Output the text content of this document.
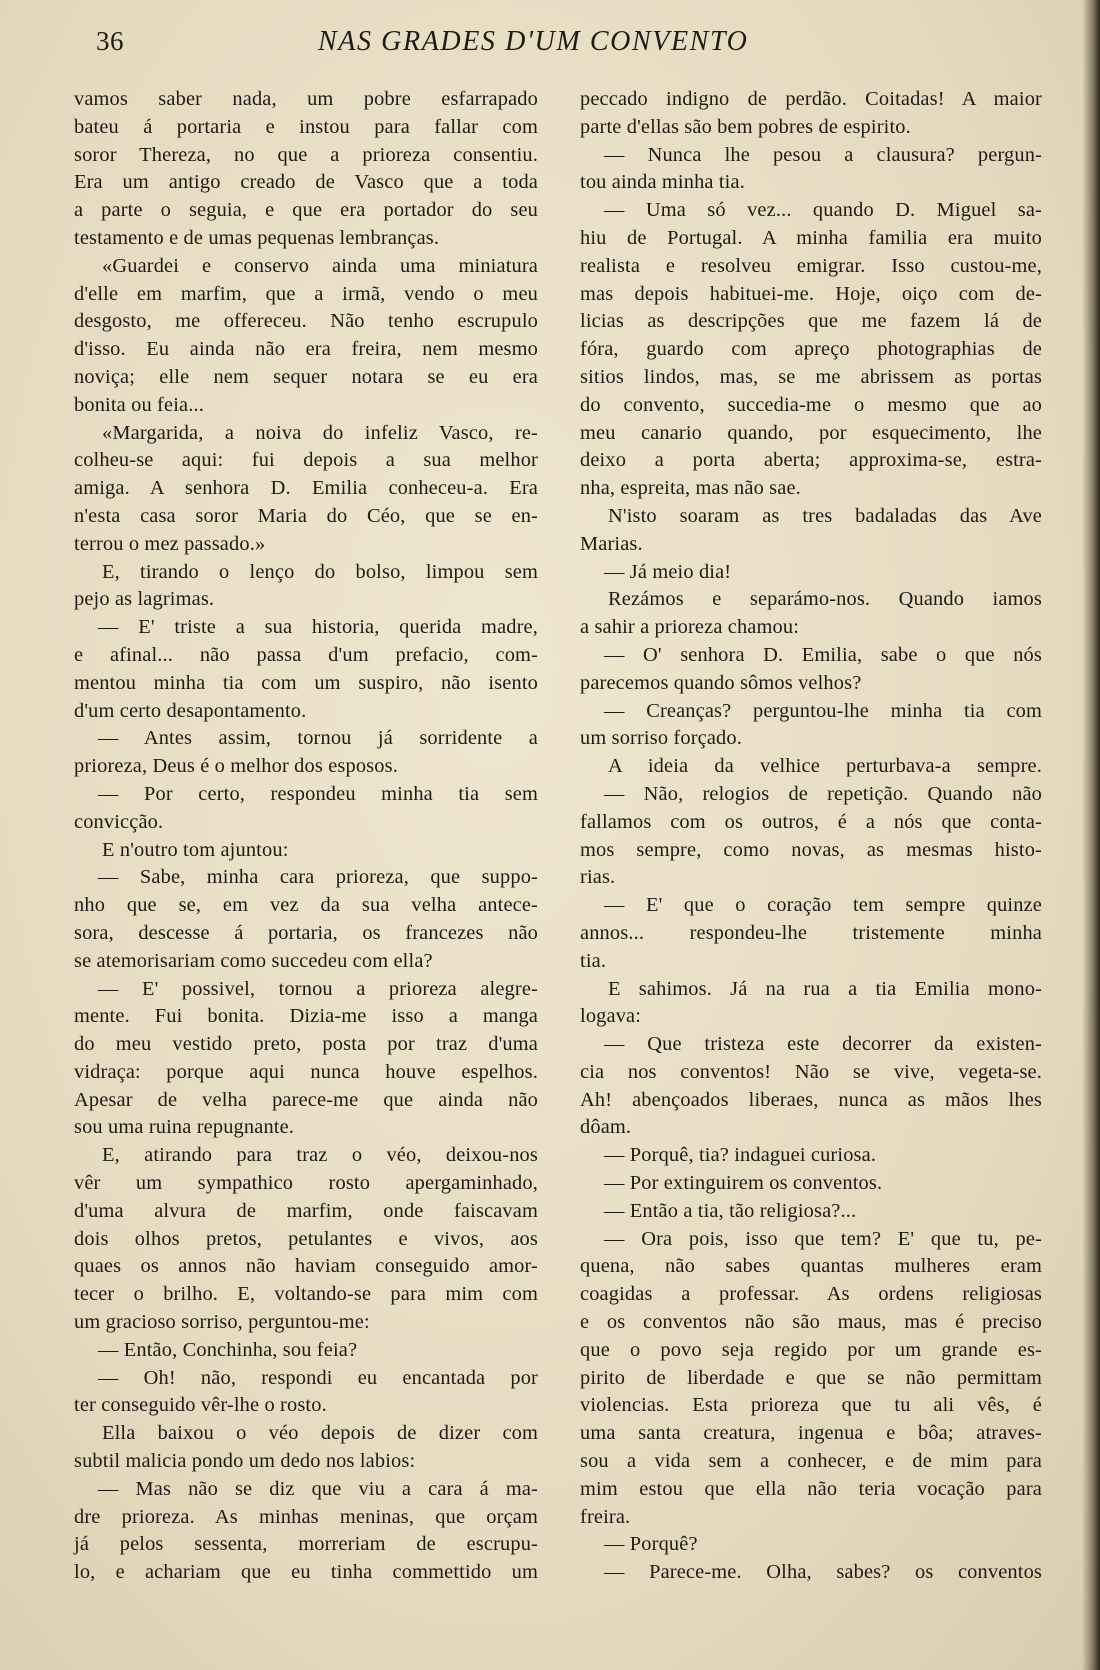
36	NAS GRADES D'UM CONVENTO
vamos saber nada, um pobre esfarrapado
bateu á portaria e instou para fallar com
soror Thereza, no que a prioreza consentiu.
Era um antigo creado de Vasco que a toda
a parte o seguia, e que era portador do seu
testamento e de umas pequenas lembranças.
«Guardei e conservo ainda uma miniatura
d'elle em marfim, que a irmã, vendo o meu
desgosto, me offereceu. Não tenho escrupulo
d'isso. Eu ainda não era freira, nem mesmo
noviça; elle nem sequer notara se eu era
bonita ou feia...
«Margarida, a noiva do infeliz Vasco, re-
colheu-se aqui: fui depois a sua melhor
amiga. A senhora D. Emilia conheceu-a. Era
n'esta casa soror Maria do Céo, que se en-
terrou o mez passado.»
E, tirando o lenço do bolso, limpou sem
pejo as lagrimas.
— E' triste a sua historia, querida madre,
e afinal... não passa d'um prefacio, com-
mentou minha tia com um suspiro, não isento
d'um certo desapontamento.
— Antes assim, tornou já sorridente a
prioreza, Deus é o melhor dos esposos.
— Por certo, respondeu minha tia sem
convicção.
E n'outro tom ajuntou:
— Sabe, minha cara prioreza, que suppo-
nho que se, em vez da sua velha antece-
sora, descesse á portaria, os francezes não
se atemorisariam como succedeu com ella?
— E' possivel, tornou a prioreza alegre-
mente. Fui bonita. Dizia-me isso a manga
do meu vestido preto, posta por traz d'uma
vidraça: porque aqui nunca houve espelhos.
Apesar de velha parece-me que ainda não
sou uma ruina repugnante.
E, atirando para traz o véo, deixou-nos
vêr um sympathico rosto apergaminhado,
d'uma alvura de marfim, onde faiscavam
dois olhos pretos, petulantes e vivos, aos
quaes os annos não haviam conseguido amor-
tecer o brilho. E, voltando-se para mim com
um gracioso sorriso, perguntou-me:
— Então, Conchinha, sou feia?
— Oh! não, respondi eu encantada por
ter conseguido vêr-lhe o rosto.
Ella baixou o véo depois de dizer com
subtil malicia pondo um dedo nos labios:
— Mas não se diz que viu a cara á ma-
dre prioreza. As minhas meninas, que orçam
já pelos sessenta, morreriam de escrupu-
lo, e achariam que eu tinha commettido um
peccado indigno de perdão. Coitadas! A maior
parte d'ellas são bem pobres de espirito.
— Nunca lhe pesou a clausura? pergun-
tou ainda minha tia.
— Uma só vez... quando D. Miguel sa-
hiu de Portugal. A minha familia era muito
realista e resolveu emigrar. Isso custou-me,
mas depois habituei-me. Hoje, oiço com de-
licias as descripções que me fazem lá de
fóra, guardo com apreço photographias de
sitios lindos, mas, se me abrissem as portas
do convento, succedia-me o mesmo que ao
meu canario quando, por esquecimento, lhe
deixo a porta aberta; approxima-se, estra-
nha, espreita, mas não sae.
N'isto soaram as tres badaladas das Ave
Marias.
— Já meio dia!
Rezámos e separámo-nos. Quando iamos
a sahir a prioreza chamou:
— O' senhora D. Emilia, sabe o que nós
parecemos quando sômos velhos?
— Creanças? perguntou-lhe minha tia com
um sorriso forçado.
A ideia da velhice perturbava-a sempre.
— Não, relogios de repetição. Quando não
fallamos com os outros, é a nós que conta-
mos sempre, como novas, as mesmas histo-
rias.
— E' que o coração tem sempre quinze
annos... respondeu-lhe tristemente minha
tia.
E sahimos. Já na rua a tia Emilia mono-
logava:
— Que tristeza este decorrer da existen-
cia nos conventos! Não se vive, vegeta-se.
Ah! abençoados liberaes, nunca as mãos lhes
dôam.
— Porquê, tia? indaguei curiosa.
— Por extinguirem os conventos.
— Então a tia, tão religiosa?...
— Ora pois, isso que tem? E' que tu, pe-
quena, não sabes quantas mulheres eram
coagidas a professar. As ordens religiosas
e os conventos não são maus, mas é preciso
que o povo seja regido por um grande es-
pirito de liberdade e que se não permittam
violencias. Esta prioreza que tu ali vês, é
uma santa creatura, ingenua e bôa; atraves-
sou a vida sem a conhecer, e de mim para
mim estou que ella não teria vocação para
freira.
— Porquê?
— Parece-me. Olha, sabes? os conventos
